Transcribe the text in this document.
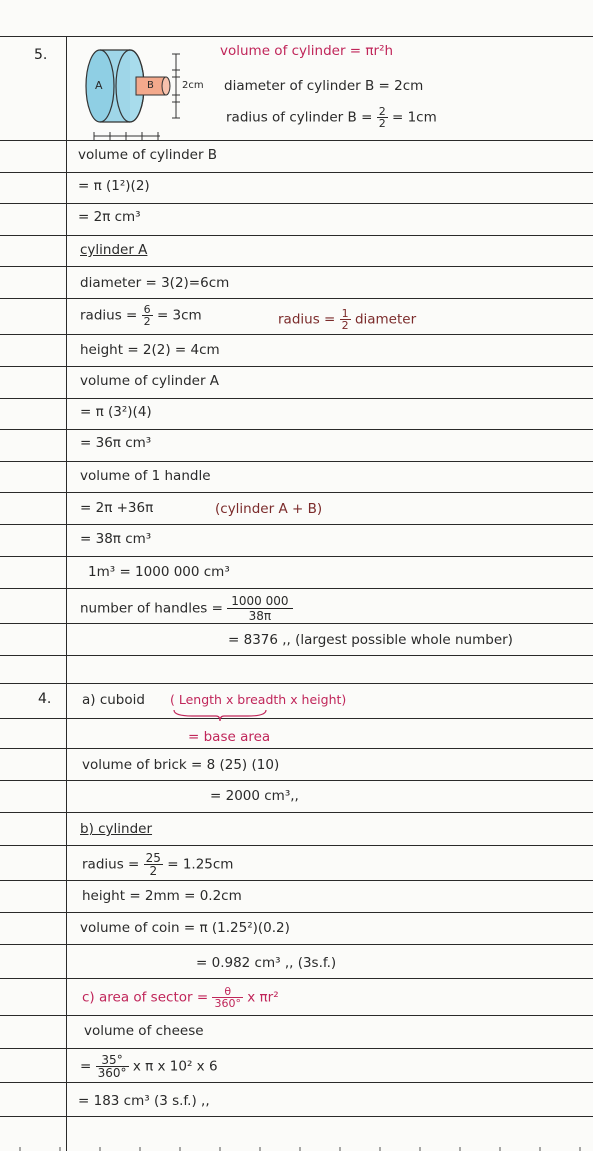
5.
A	B	2cm
volume of cylinder = πr²h
diameter of cylinder B = 2cm
radius of cylinder $B = \frac{2}{2} = 1cm$
volume of cylinder B
= π (1²)(2)
= 2π cm³
cylinder A
diameter = 3(2)=6cm
radius = $\frac{6}{2} = 3cm$	radius = $\frac{1}{2}$ diameter
height = 2(2) = 4cm
volume of cylinder A
= π (3²)(4)
= 36π cm³
volume of 1 handle
= 2π +36π	(cylinder A + B)
= 38π cm³
1m³ = 1000 000 cm³
number of handles = $\frac{1000 000}{38\pi}$
= 8376 ,, (largest possible whole number)
4. a) cuboid ( Length x breadth x height)
= base area
volume of brick = 8 (25) (10)
= 2000 cm³,,
b) cylinder
radius = $\frac{25}{2} = 1.25cm$
height = 2mm = 0.2cm
volume of coin = π (1.25²)(0.2)
= 0.982 cm³ ,, (3s.f.)
c) area of sector = $\frac{\theta}{360^\circ}$ x πr²
volume of cheese
= $\frac{35^\circ}{360^\circ}$ x π x 10² x 6
= 183 cm³ (3 s.f.) ,,
